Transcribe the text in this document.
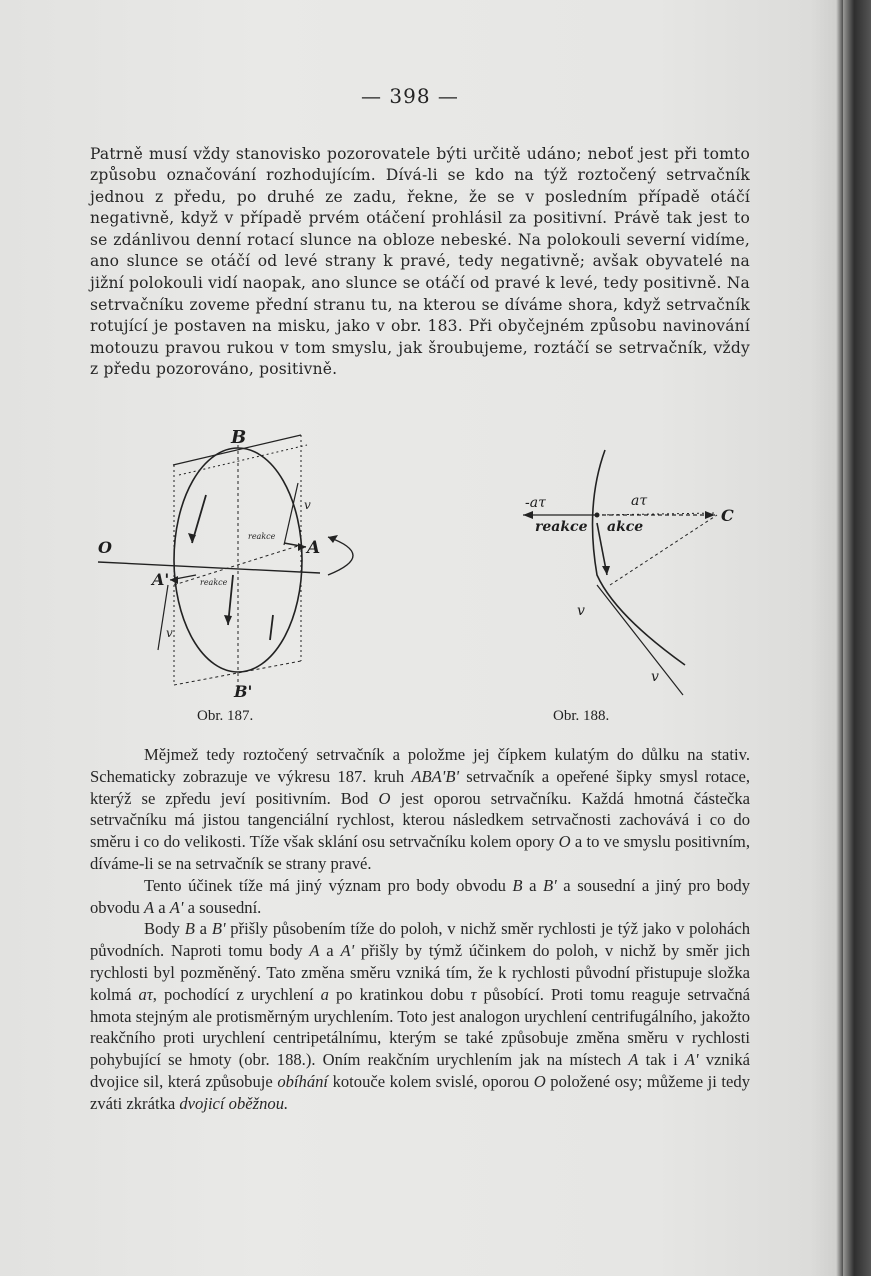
— 398 —

Patrně musí vždy stanovisko pozorovatele býti určitě udáno; neboť jest při tomto způsobu označování rozhodujícím. Dívá-li se kdo na týž roztočený setrvačník jednou z předu, po druhé ze zadu, řekne, že se v posledním případě otáčí negativně, když v případě prvém otáčení prohlásil za positivní. Právě tak jest to se zdánlivou denní rotací slunce na obloze nebeské. Na polokouli severní vidíme, ano slunce se otáčí od levé strany k pravé, tedy negativně; avšak obyvatelé na jižní polokouli vidí naopak, ano slunce se otáčí od pravé k levé, tedy positivně. Na setrvačníku zoveme přední stranu tu, na kterou se díváme shora, když setrvačník rotující je postaven na misku, jako v obr. 183. Při obyčejném způsobu navinování motouzu pravou rukou v tom smyslu, jak šroubujeme, roztáčí se setrvačník, vždy z předu pozorováno, positivně.

B
B'
A
A'
O
v
v
reakce
reakce
Obr. 187.
-aτ	aτ
C
reakce akce
v
v
Obr. 188.
Mějmež tedy roztočený setrvačník a položme jej čípkem kulatým do důlku na stativ. Schematicky zobrazuje ve výkresu 187. kruh ABA'B' setrvačník a opeřené šipky smysl rotace, kterýž se zpředu jeví positivním. Bod O jest oporou setrvačníku. Každá hmotná částečka setrvačníku má jistou tangenciální rychlost, kterou následkem setrvačnosti zachovává i co do směru i co do velikosti. Tíže však sklání osu setrvačníku kolem opory O a to ve smyslu positivním, díváme-li se na setrvačník se strany pravé.
Tento účinek tíže má jiný význam pro body obvodu B a B' a sousední a jiný pro body obvodu A a A' a sousední.
Body B a B' přišly působením tíže do poloh, v nichž směr rychlosti je týž jako v polohách původních. Naproti tomu body A a A' přišly by týmž účinkem do poloh, v nichž by směr jich rychlosti byl pozměněný. Tato změna směru vzniká tím, že k rychlosti původní přistupuje složka kolmá aτ, pochodící z urychlení a po kratinkou dobu τ působící. Proti tomu reaguje setrvačná hmota stejným ale protisměrným urychlením. Toto jest analogon urychlení centrifugálního, jakožto reakčního proti urychlení centripetálnímu, kterým se také způsobuje změna směru v rychlosti pohybující se hmoty (obr. 188.). Oním reakčním urychlením jak na místech A tak i A' vzniká dvojice sil, která způsobuje obíhání kotouče kolem svislé, oporou O položené osy; můžeme ji tedy zváti zkrátka dvojicí oběžnou.
